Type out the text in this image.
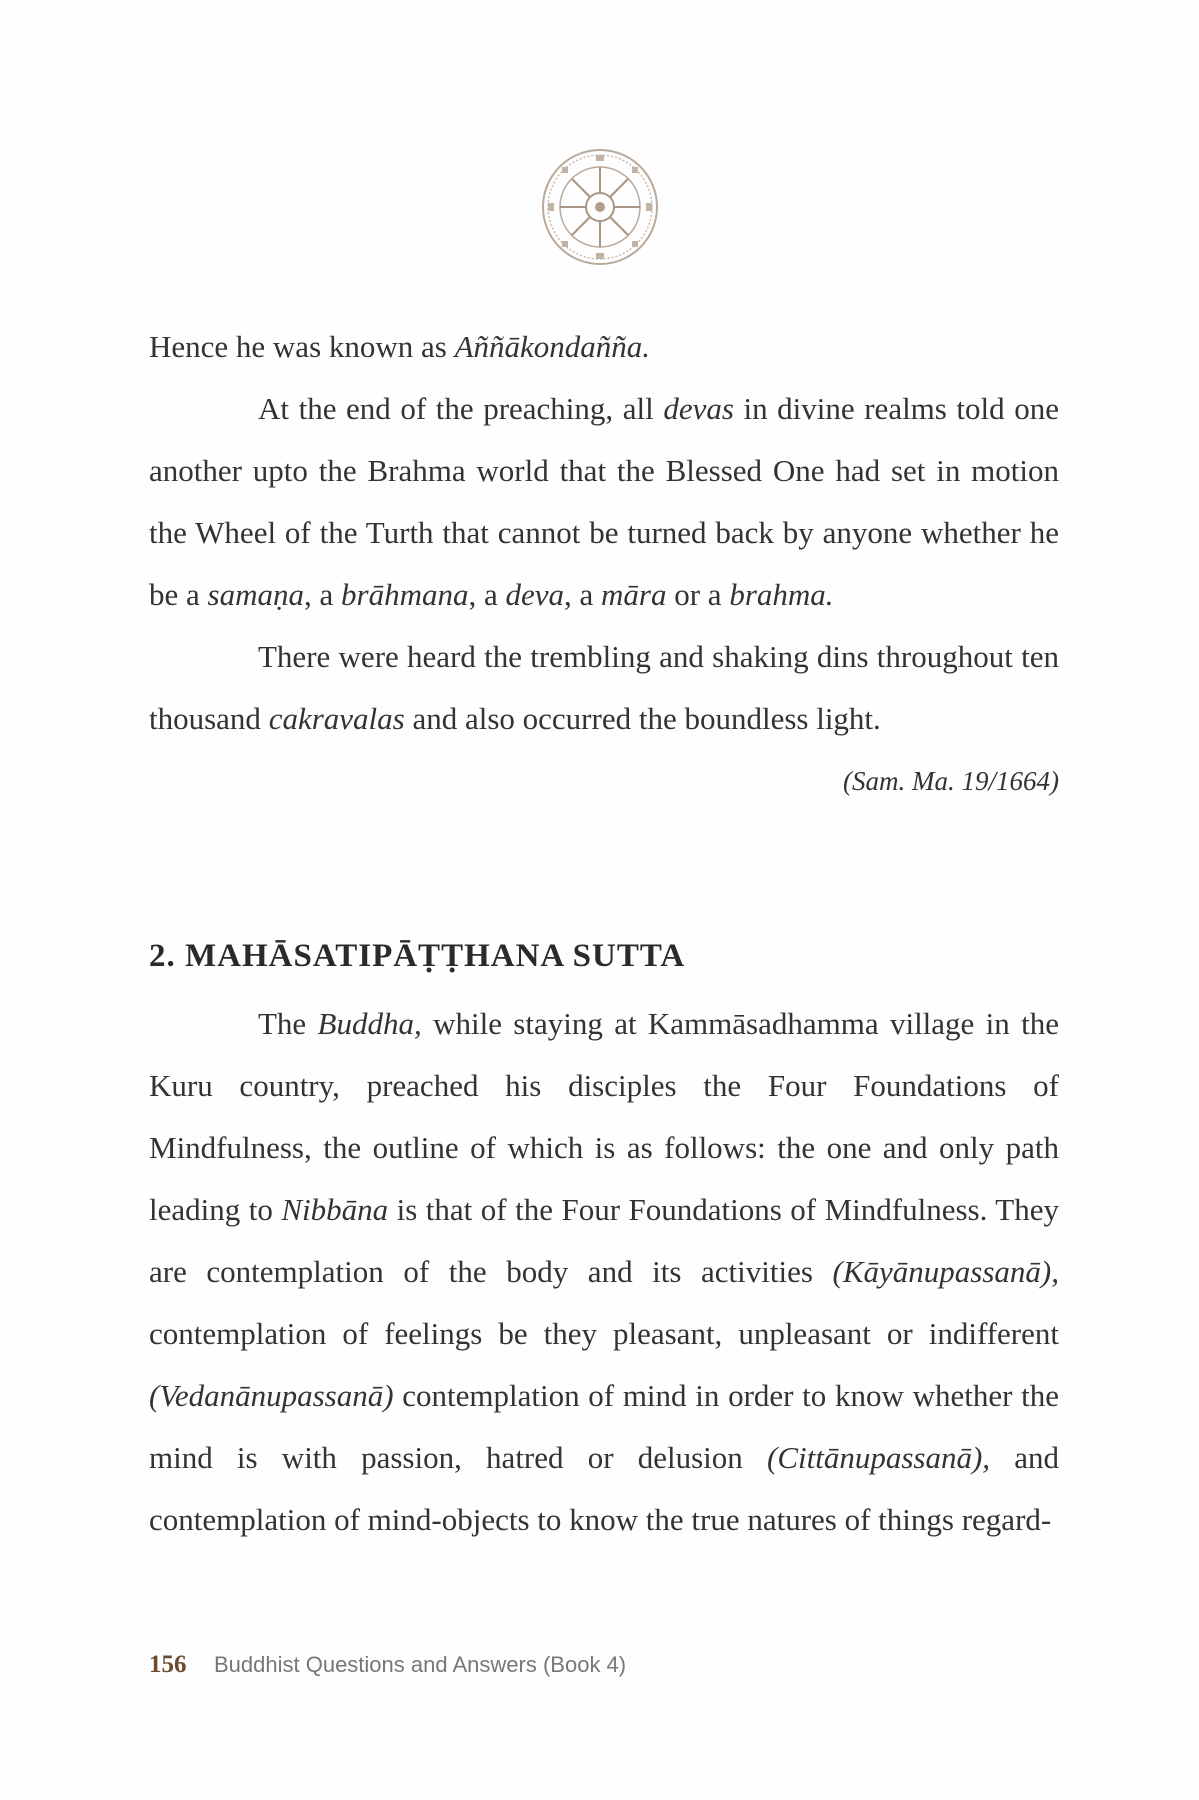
Hence he was known as Aññākondañña.

At the end of the preaching, all devas in divine realms told one another upto the Brahma world that the Blessed One had set in motion the Wheel of the Turth that cannot be turned back by anyone whether he be a samaṇa, a brāhmana, a deva, a māra or a brahma.

There were heard the trembling and shaking dins throughout ten thousand cakravalas and also occurred the boundless light.

(Sam. Ma. 19/1664)

2. MAHĀSATIPĀṬṬHANA SUTTA

The Buddha, while staying at Kammāsadhamma village in the Kuru country, preached his disciples the Four Foundations of Mindfulness, the outline of which is as follows: the one and only path leading to Nibbāna is that of the Four Foundations of Mindfulness. They are contemplation of the body and its activities (Kāyānupassanā), contemplation of feelings be they pleasant, unpleasant or indifferent (Vedanānupassanā) contemplation of mind in order to know whether the mind is with passion, hatred or delusion (Cittānupassanā), and contemplation of mind-objects to know the true natures of things regard-

156 Buddhist Questions and Answers (Book 4)
